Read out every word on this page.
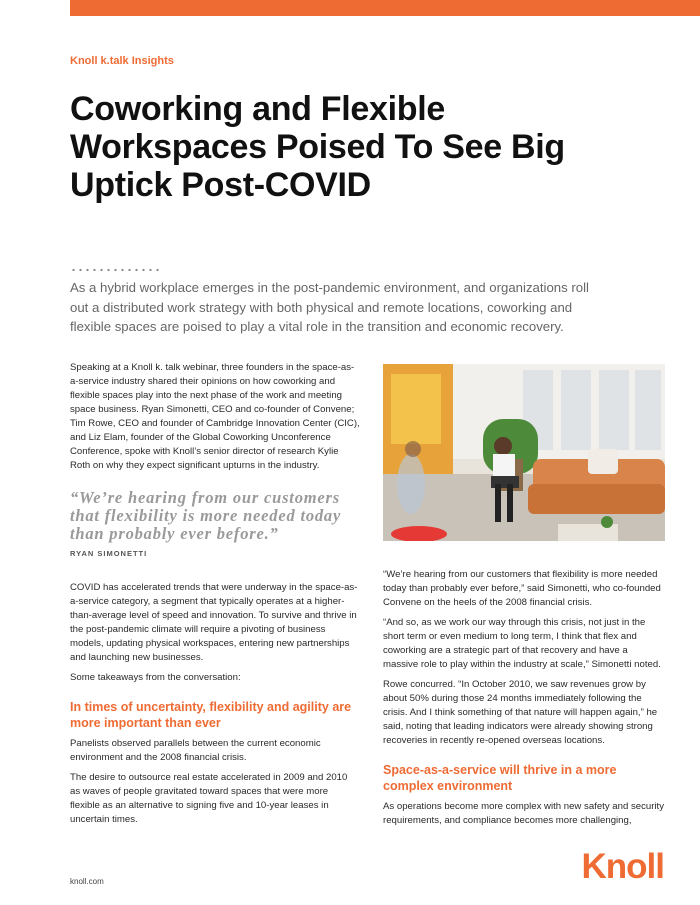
Knoll k.talk Insights
Coworking and Flexible Workspaces Poised To See Big Uptick Post-COVID

As a hybrid workplace emerges in the post-pandemic environment, and organizations roll out a distributed work strategy with both physical and remote locations, coworking and flexible spaces are poised to play a vital role in the transition and economic recovery.

Speaking at a Knoll k. talk webinar, three founders in the space-as-a-service industry shared their opinions on how coworking and flexible spaces play into the next phase of the work and meeting space business. Ryan Simonetti, CEO and co-founder of Convene; Tim Rowe, CEO and founder of Cambridge Innovation Center (CIC), and Liz Elam, founder of the Global Coworking Unconference Conference, spoke with Knoll’s senior director of research Kylie Roth on why they expect significant upturns in the industry.

“We’re hearing from our customers that flexibility is more needed today than probably ever before.”
RYAN SIMONETTI

COVID has accelerated trends that were underway in the space-as-a-service category, a segment that typically operates at a higher-than-average level of speed and innovation. To survive and thrive in the post-pandemic climate will require a pivoting of business models, updating physical workspaces, entering new partnerships and launching new businesses.

Some takeaways from the conversation:

In times of uncertainty, flexibility and agility are more important than ever

Panelists observed parallels between the current economic environment and the 2008 financial crisis.

The desire to outsource real estate accelerated in 2009 and 2010 as waves of people gravitated toward spaces that were more flexible as an alternative to signing five and 10-year leases in uncertain times.

“We’re hearing from our customers that flexibility is more needed today than probably ever before,” said Simonetti, who co-founded Convene on the heels of the 2008 financial crisis.

“And so, as we work our way through this crisis, not just in the short term or even medium to long term, I think that flex and coworking are a strategic part of that recovery and have a massive role to play within the industry at scale,” Simonetti noted.

Rowe concurred. “In October 2010, we saw revenues grow by about 50% during those 24 months immediately following the crisis. And I think something of that nature will happen again,” he said, noting that leading indicators were already showing strong recoveries in recently re-opened overseas locations.

Space-as-a-service will thrive in a more complex environment

As operations become more complex with new safety and security requirements, and compliance becomes more challenging,

knoll.com	Knoll
